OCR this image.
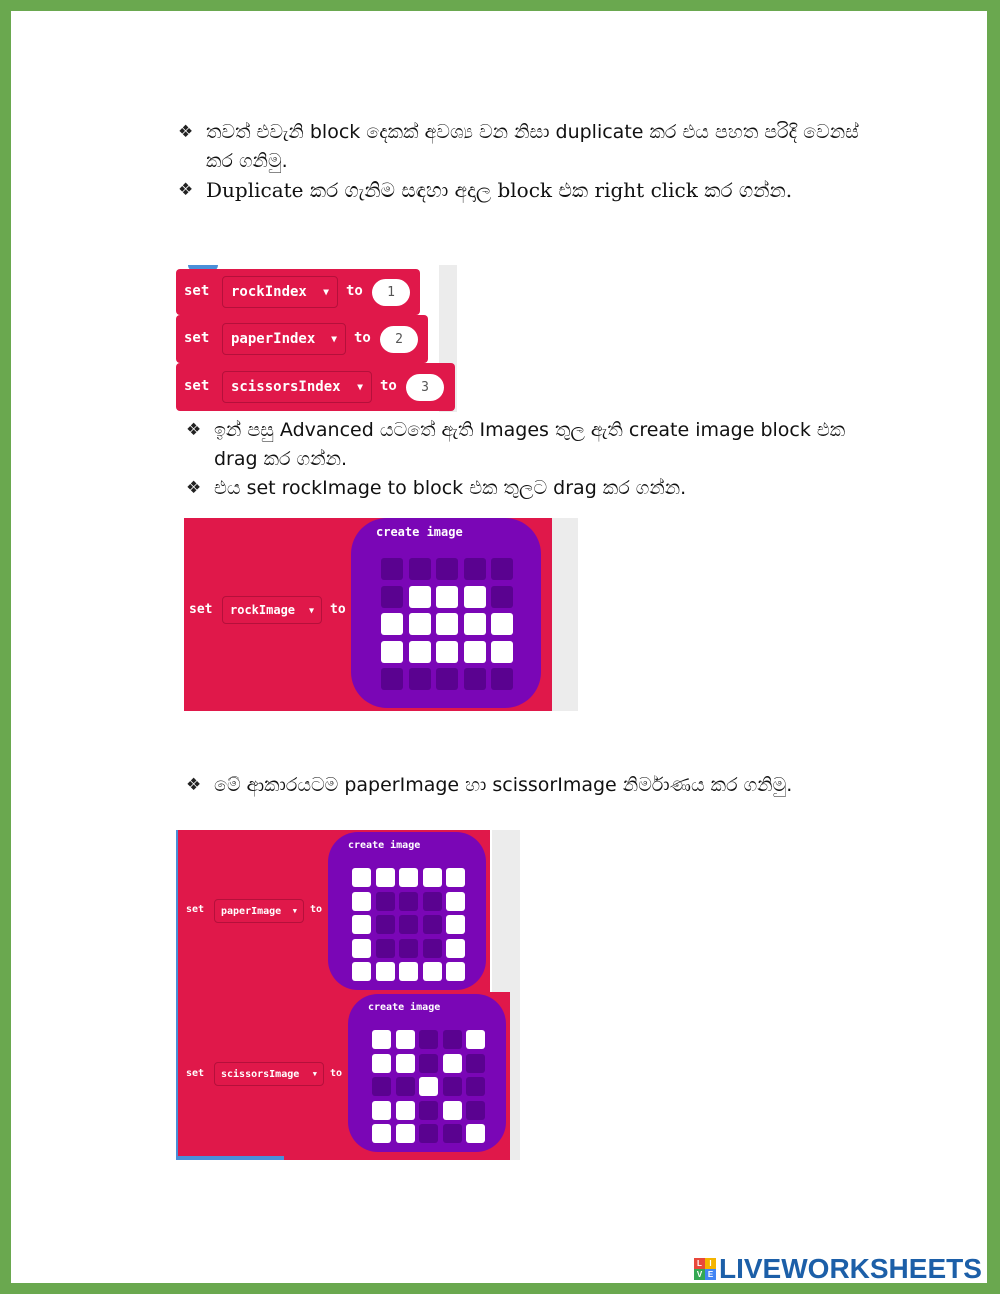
❖ තවත් එවැනි block දෙකක් අවශ්‍ය වන නිසා duplicate කර එය පහත පරිදි වෙනස් කර ගනිමු.
❖ Duplicate කර ගැනිම සඳහා අදාල block එක right click කර ගන්න.
set rockIndex	▼ to	1
set paperIndex	▼ to	2
set scissorsIndex	▼ to	3
❖ ඉන් පසු Advanced යටතේ ඇති Images තුල ඇති create image block එක drag කර ගන්න.
❖ එය set rockImage to block එක තුලට drag කර ගන්න.
set rockImage	▼ to
create image
❖ මේ ආකාරයටම paperImage හා scissorImage නිර්මාණය කර ගනිමු.
set paperImage	▼ to
create image
set scissorsImage	▼ to
create image
L I
V E LIVEWORKSHEETS
